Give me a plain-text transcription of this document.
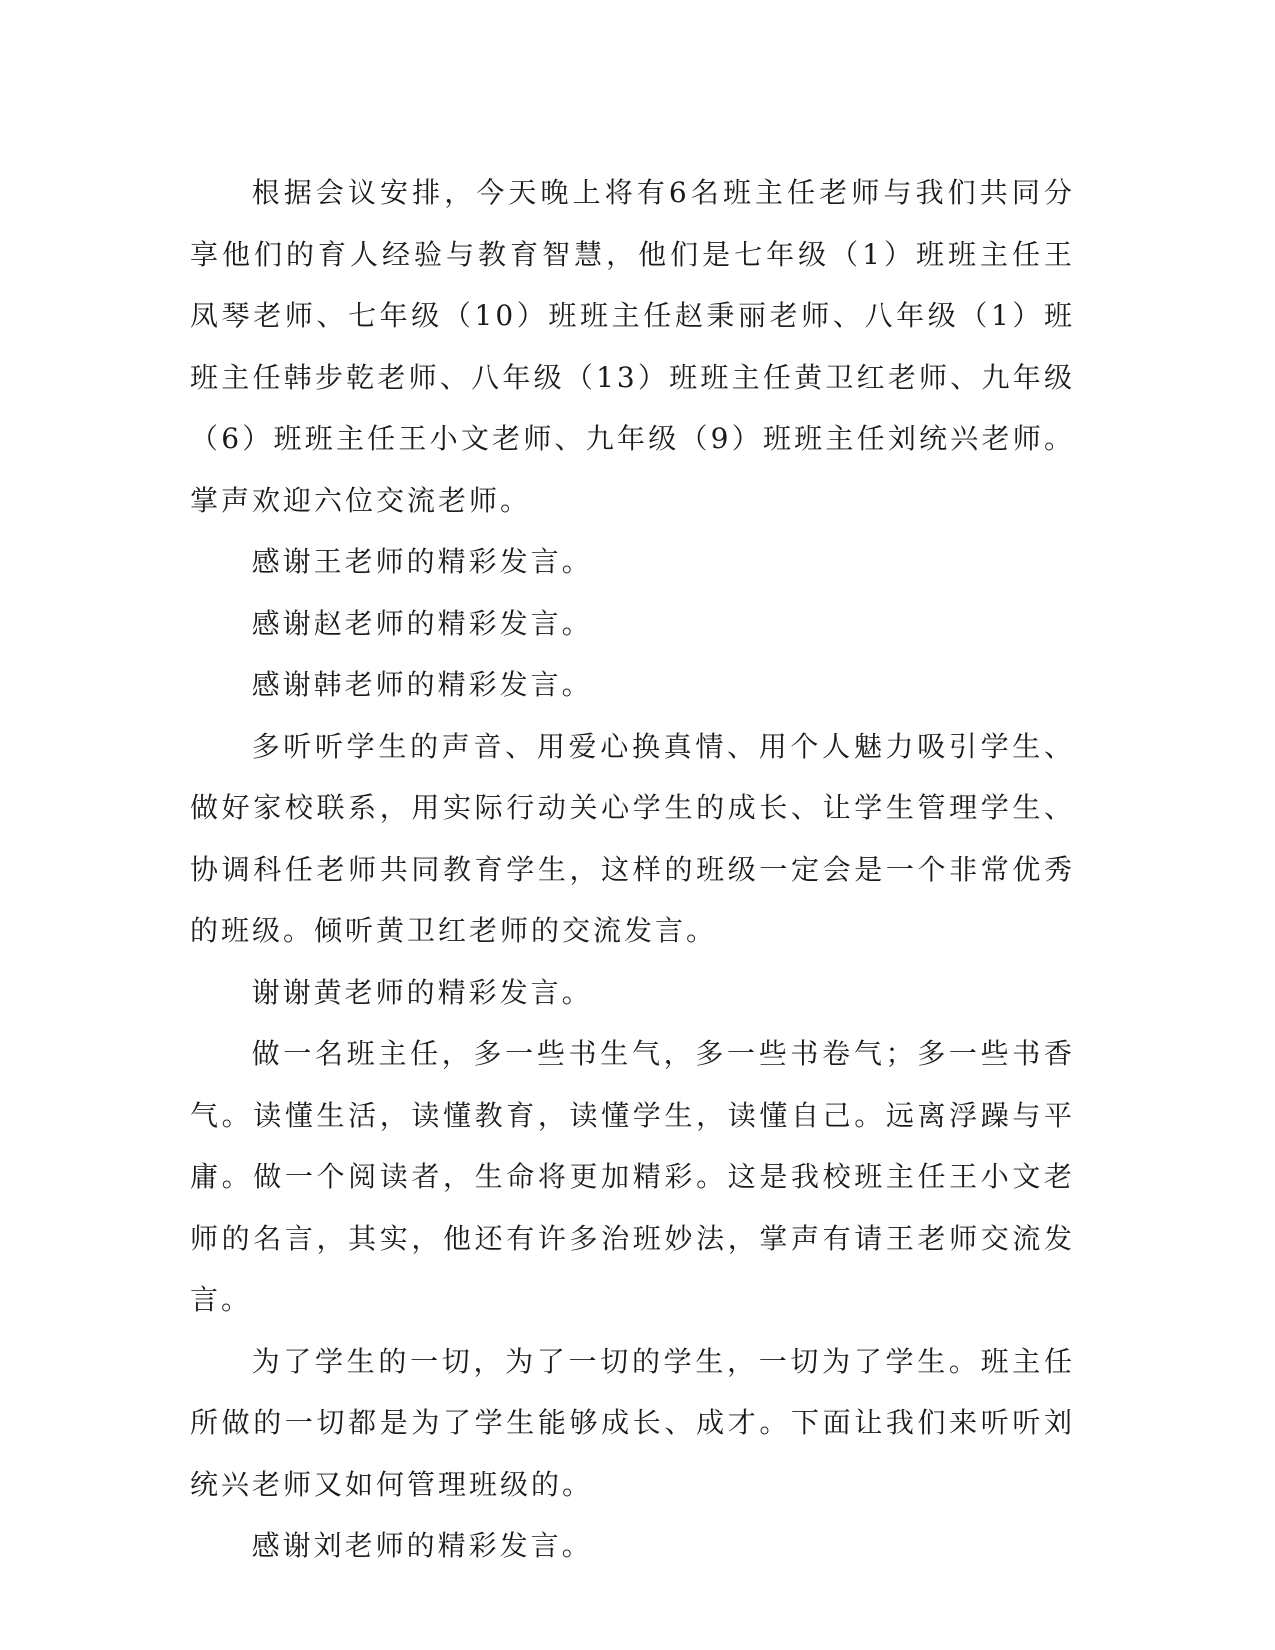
根据会议安排，今天晚上将有6名班主任老师与我们共同分享他们的育人经验与教育智慧，他们是七年级（1）班班主任王凤琴老师、七年级（10）班班主任赵秉丽老师、八年级（1）班班主任韩步乾老师、八年级（13）班班主任黄卫红老师、九年级（6）班班主任王小文老师、九年级（9）班班主任刘统兴老师。掌声欢迎六位交流老师。

感谢王老师的精彩发言。

感谢赵老师的精彩发言。

感谢韩老师的精彩发言。

多听听学生的声音、用爱心换真情、用个人魅力吸引学生、做好家校联系，用实际行动关心学生的成长、让学生管理学生、协调科任老师共同教育学生，这样的班级一定会是一个非常优秀的班级。倾听黄卫红老师的交流发言。

谢谢黄老师的精彩发言。

做一名班主任，多一些书生气，多一些书卷气；多一些书香气。读懂生活，读懂教育，读懂学生，读懂自己。远离浮躁与平庸。做一个阅读者，生命将更加精彩。这是我校班主任王小文老师的名言，其实，他还有许多治班妙法，掌声有请王老师交流发言。

为了学生的一切，为了一切的学生，一切为了学生。班主任所做的一切都是为了学生能够成长、成才。下面让我们来听听刘统兴老师又如何管理班级的。

感谢刘老师的精彩发言。
